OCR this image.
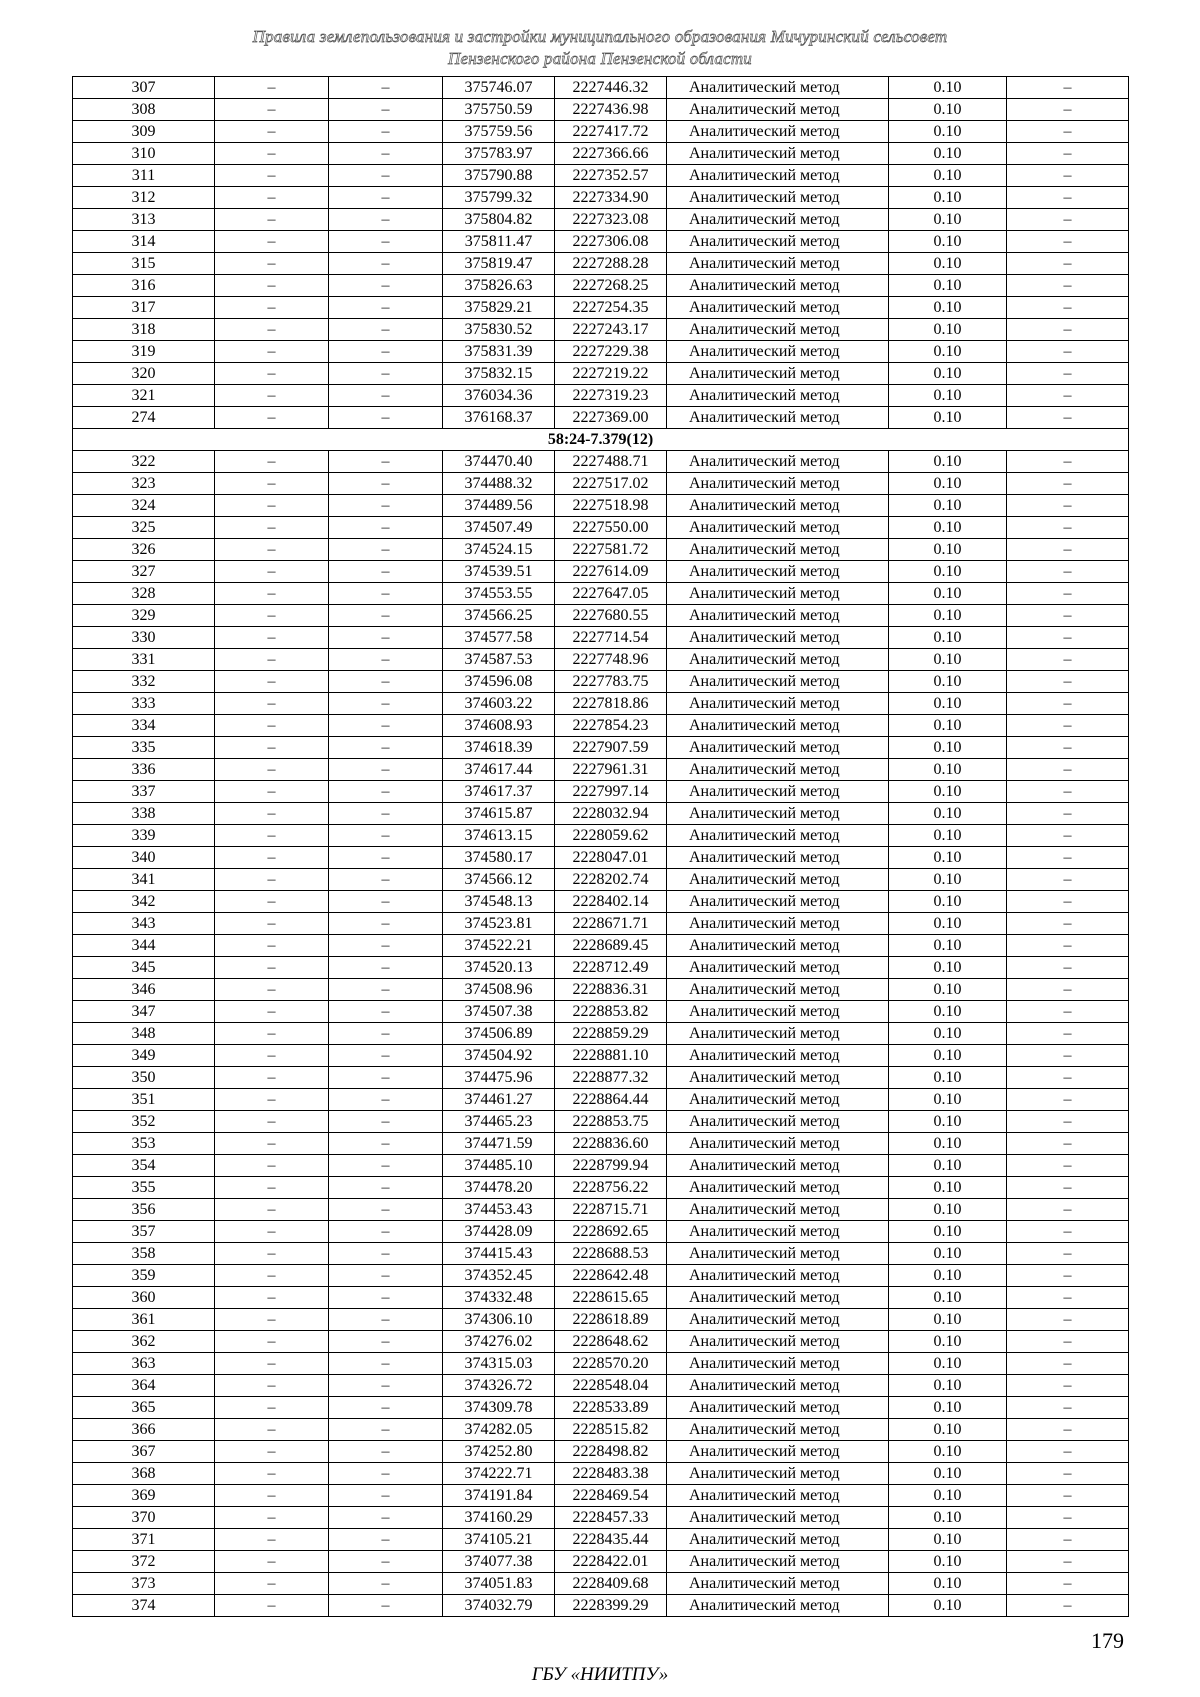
Правила землепользования и застройки муниципального образования Мичуринский сельсовет
Пензенского района Пензенской области
307	–	–	375746.07	2227446.32	Аналитический метод	0.10	–
308	–	–	375750.59	2227436.98	Аналитический метод	0.10	–
309	–	–	375759.56	2227417.72	Аналитический метод	0.10	–
310	–	–	375783.97	2227366.66	Аналитический метод	0.10	–
311	–	–	375790.88	2227352.57	Аналитический метод	0.10	–
312	–	–	375799.32	2227334.90	Аналитический метод	0.10	–
313	–	–	375804.82	2227323.08	Аналитический метод	0.10	–
314	–	–	375811.47	2227306.08	Аналитический метод	0.10	–
315	–	–	375819.47	2227288.28	Аналитический метод	0.10	–
316	–	–	375826.63	2227268.25	Аналитический метод	0.10	–
317	–	–	375829.21	2227254.35	Аналитический метод	0.10	–
318	–	–	375830.52	2227243.17	Аналитический метод	0.10	–
319	–	–	375831.39	2227229.38	Аналитический метод	0.10	–
320	–	–	375832.15	2227219.22	Аналитический метод	0.10	–
321	–	–	376034.36	2227319.23	Аналитический метод	0.10	–
274	–	–	376168.37	2227369.00	Аналитический метод	0.10	–
58:24-7.379(12)							
322	–	–	374470.40	2227488.71	Аналитический метод	0.10	–
323	–	–	374488.32	2227517.02	Аналитический метод	0.10	–
324	–	–	374489.56	2227518.98	Аналитический метод	0.10	–
325	–	–	374507.49	2227550.00	Аналитический метод	0.10	–
326	–	–	374524.15	2227581.72	Аналитический метод	0.10	–
327	–	–	374539.51	2227614.09	Аналитический метод	0.10	–
328	–	–	374553.55	2227647.05	Аналитический метод	0.10	–
329	–	–	374566.25	2227680.55	Аналитический метод	0.10	–
330	–	–	374577.58	2227714.54	Аналитический метод	0.10	–
331	–	–	374587.53	2227748.96	Аналитический метод	0.10	–
332	–	–	374596.08	2227783.75	Аналитический метод	0.10	–
333	–	–	374603.22	2227818.86	Аналитический метод	0.10	–
334	–	–	374608.93	2227854.23	Аналитический метод	0.10	–
335	–	–	374618.39	2227907.59	Аналитический метод	0.10	–
336	–	–	374617.44	2227961.31	Аналитический метод	0.10	–
337	–	–	374617.37	2227997.14	Аналитический метод	0.10	–
338	–	–	374615.87	2228032.94	Аналитический метод	0.10	–
339	–	–	374613.15	2228059.62	Аналитический метод	0.10	–
340	–	–	374580.17	2228047.01	Аналитический метод	0.10	–
341	–	–	374566.12	2228202.74	Аналитический метод	0.10	–
342	–	–	374548.13	2228402.14	Аналитический метод	0.10	–
343	–	–	374523.81	2228671.71	Аналитический метод	0.10	–
344	–	–	374522.21	2228689.45	Аналитический метод	0.10	–
345	–	–	374520.13	2228712.49	Аналитический метод	0.10	–
346	–	–	374508.96	2228836.31	Аналитический метод	0.10	–
347	–	–	374507.38	2228853.82	Аналитический метод	0.10	–
348	–	–	374506.89	2228859.29	Аналитический метод	0.10	–
349	–	–	374504.92	2228881.10	Аналитический метод	0.10	–
350	–	–	374475.96	2228877.32	Аналитический метод	0.10	–
351	–	–	374461.27	2228864.44	Аналитический метод	0.10	–
352	–	–	374465.23	2228853.75	Аналитический метод	0.10	–
353	–	–	374471.59	2228836.60	Аналитический метод	0.10	–
354	–	–	374485.10	2228799.94	Аналитический метод	0.10	–
355	–	–	374478.20	2228756.22	Аналитический метод	0.10	–
356	–	–	374453.43	2228715.71	Аналитический метод	0.10	–
357	–	–	374428.09	2228692.65	Аналитический метод	0.10	–
358	–	–	374415.43	2228688.53	Аналитический метод	0.10	–
359	–	–	374352.45	2228642.48	Аналитический метод	0.10	–
360	–	–	374332.48	2228615.65	Аналитический метод	0.10	–
361	–	–	374306.10	2228618.89	Аналитический метод	0.10	–
362	–	–	374276.02	2228648.62	Аналитический метод	0.10	–
363	–	–	374315.03	2228570.20	Аналитический метод	0.10	–
364	–	–	374326.72	2228548.04	Аналитический метод	0.10	–
365	–	–	374309.78	2228533.89	Аналитический метод	0.10	–
366	–	–	374282.05	2228515.82	Аналитический метод	0.10	–
367	–	–	374252.80	2228498.82	Аналитический метод	0.10	–
368	–	–	374222.71	2228483.38	Аналитический метод	0.10	–
369	–	–	374191.84	2228469.54	Аналитический метод	0.10	–
370	–	–	374160.29	2228457.33	Аналитический метод	0.10	–
371	–	–	374105.21	2228435.44	Аналитический метод	0.10	–
372	–	–	374077.38	2228422.01	Аналитический метод	0.10	–
373	–	–	374051.83	2228409.68	Аналитический метод	0.10	–
374	–	–	374032.79	2228399.29	Аналитический метод	0.10	–
179
ГБУ «НИИТПУ»
